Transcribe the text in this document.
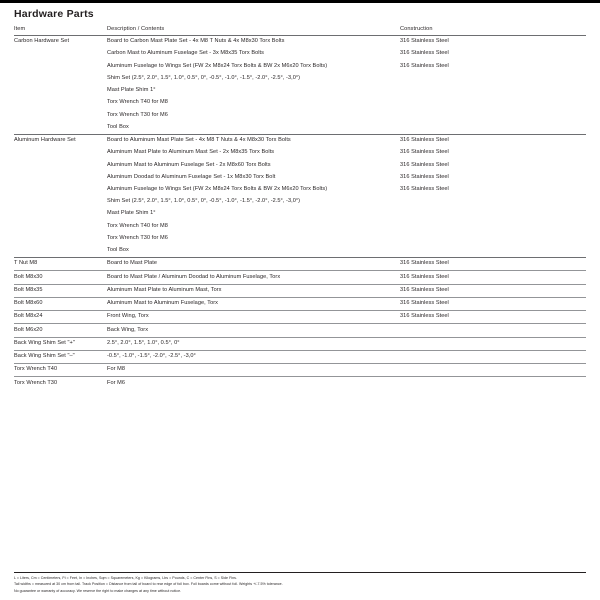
Hardware Parts
Item	Description / Contents	Construction
Carbon Hardware Set	Board to Carbon Mast Plate Set - 4x M8 T Nuts & 4x M8x30 Torx Bolts	316 Stainless Steel
	Carbon Mast to Aluminum Fuselage Set - 3x M8x35 Torx Bolts	316 Stainless Steel
	Aluminum Fuselage to Wings Set (FW 2x M8x24 Torx Bolts & BW 2x M6x20 Torx Bolts)	316 Stainless Steel
	Shim Set (2.5°, 2.0°, 1.5°, 1.0°, 0.5°, 0°, -0.5°, -1.0°, -1.5°, -2.0°, -2.5°, -3,0°)	
	Mast Plate Shim 1°	
	Torx Wrench T40 for M8	
	Torx Wrench T30 for M6	
	Tool Box	
Aluminum Hardware Set	Board to Aluminum Mast Plate Set - 4x M8 T Nuts & 4x M8x30 Torx Bolts	316 Stainless Steel
	Aluminum Mast Plate to Aluminum Mast Set - 2x M8x35 Torx Bolts	316 Stainless Steel
	Aluminum Mast to Aluminum Fuselage Set - 2x M8x60 Torx Bolts	316 Stainless Steel
	Aluminum Doodad to Aluminum Fuselage Set - 1x M8x30 Torx Bolt	316 Stainless Steel
	Aluminum Fuselage to Wings Set (FW 2x M8x24 Torx Bolts & BW 2x M6x20 Torx Bolts)	316 Stainless Steel
	Shim Set (2.5°, 2.0°, 1.5°, 1.0°, 0.5°, 0°, -0.5°, -1.0°, -1.5°, -2.0°, -2.5°, -3,0°)	
	Mast Plate Shim 1°	
	Torx Wrench T40 for M8	
	Torx Wrench T30 for M6	
	Tool Box	
T Nut M8	Board to Mast Plate	316 Stainless Steel
Bolt M8x30	Board to Mast Plate / Aluminum Doodad to Aluminum Fuselage, Torx	316 Stainless Steel
Bolt M8x35	Aluminum Mast Plate to Aluminum Mast, Torx	316 Stainless Steel
Bolt M8x60	Aluminum Mast to Aluminum Fuselage, Torx	316 Stainless Steel
Bolt M8x24	Front Wing, Torx	316 Stainless Steel
Bolt M6x20	Back Wing, Torx	
Back Wing Shim Set "+"	2.5°, 2.0°, 1.5°, 1.0°, 0.5°, 0°	
Back Wing Shim Set "–"	-0.5°, -1.0°, -1.5°, -2.0°, -2.5°, -3,0°	
Torx Wrench T40	For M8	
Torx Wrench T30	For M6	
L = Liters, Cm = Centimeters, Ft = Feet, In = Inches, Sqm = Squaremeters, Kg = Kilograms, Lbs = Pounds, C = Center Fins, S = Side Fins.
Tail widths = measured at 30 cm from tail. Track Position = Distance from tail of board to rear edge of foil box. Foil boards come without foil. Weights +/-7.5% tolerance.
No guarantee or warranty of accuracy. We reserve the right to make changes at any time without notice.
